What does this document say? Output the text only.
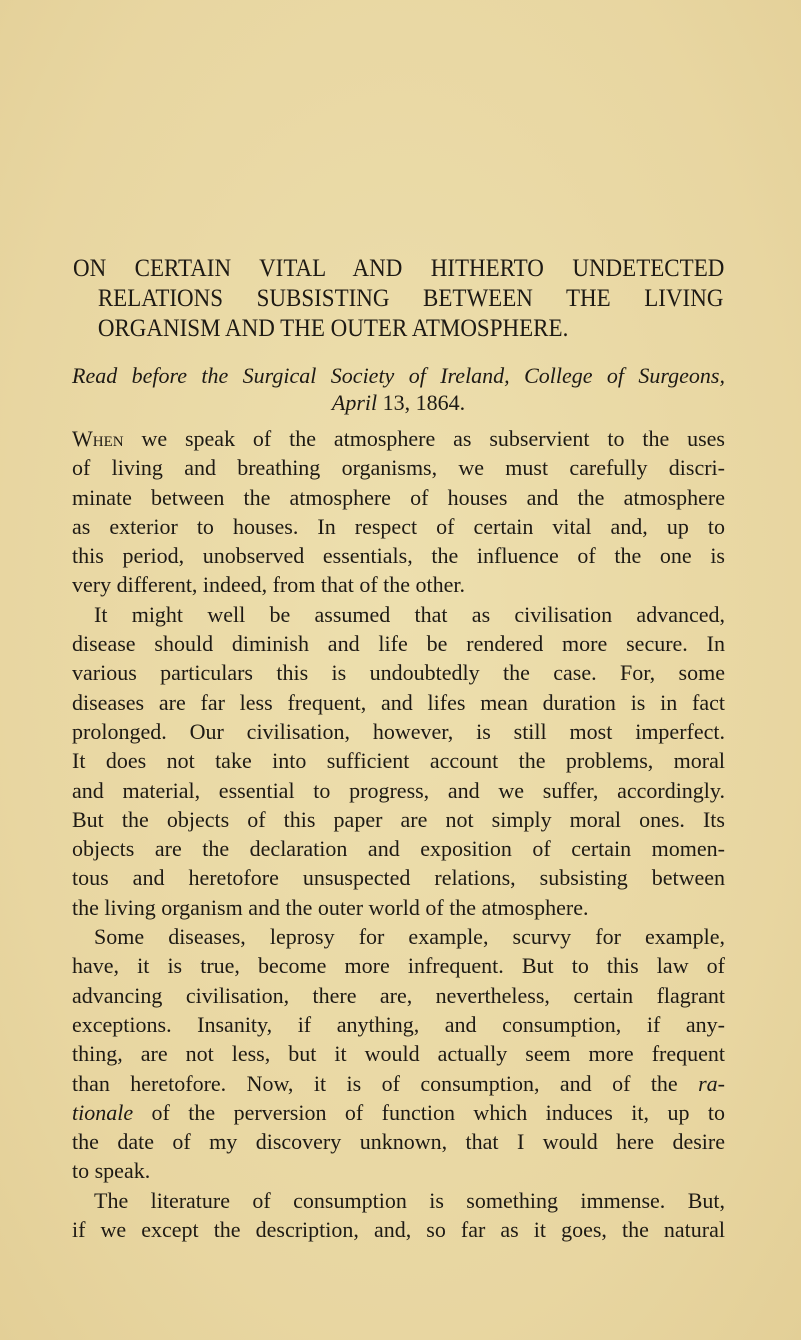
ON CERTAIN VITAL AND HITHERTO UNDETECTED
RELATIONS SUBSISTING BETWEEN THE LIVING
ORGANISM AND THE OUTER ATMOSPHERE.
Read before the Surgical Society of Ireland, College of Surgeons,
April 13, 1864.
When we speak of the atmosphere as subservient to the uses
of living and breathing organisms, we must carefully discri-
minate between the atmosphere of houses and the atmosphere
as exterior to houses. In respect of certain vital and, up to
this period, unobserved essentials, the influence of the one is
very different, indeed, from that of the other.
It might well be assumed that as civilisation advanced,
disease should diminish and life be rendered more secure. In
various particulars this is undoubtedly the case. For, some
diseases are far less frequent, and lifes mean duration is in fact
prolonged. Our civilisation, however, is still most imperfect.
It does not take into sufficient account the problems, moral
and material, essential to progress, and we suffer, accordingly.
But the objects of this paper are not simply moral ones. Its
objects are the declaration and exposition of certain momen-
tous and heretofore unsuspected relations, subsisting between
the living organism and the outer world of the atmosphere.
Some diseases, leprosy for example, scurvy for example,
have, it is true, become more infrequent. But to this law of
advancing civilisation, there are, nevertheless, certain flagrant
exceptions. Insanity, if anything, and consumption, if any-
thing, are not less, but it would actually seem more frequent
than heretofore. Now, it is of consumption, and of the ra-
tionale of the perversion of function which induces it, up to
the date of my discovery unknown, that I would here desire
to speak.
The literature of consumption is something immense. But,
if we except the description, and, so far as it goes, the natural
